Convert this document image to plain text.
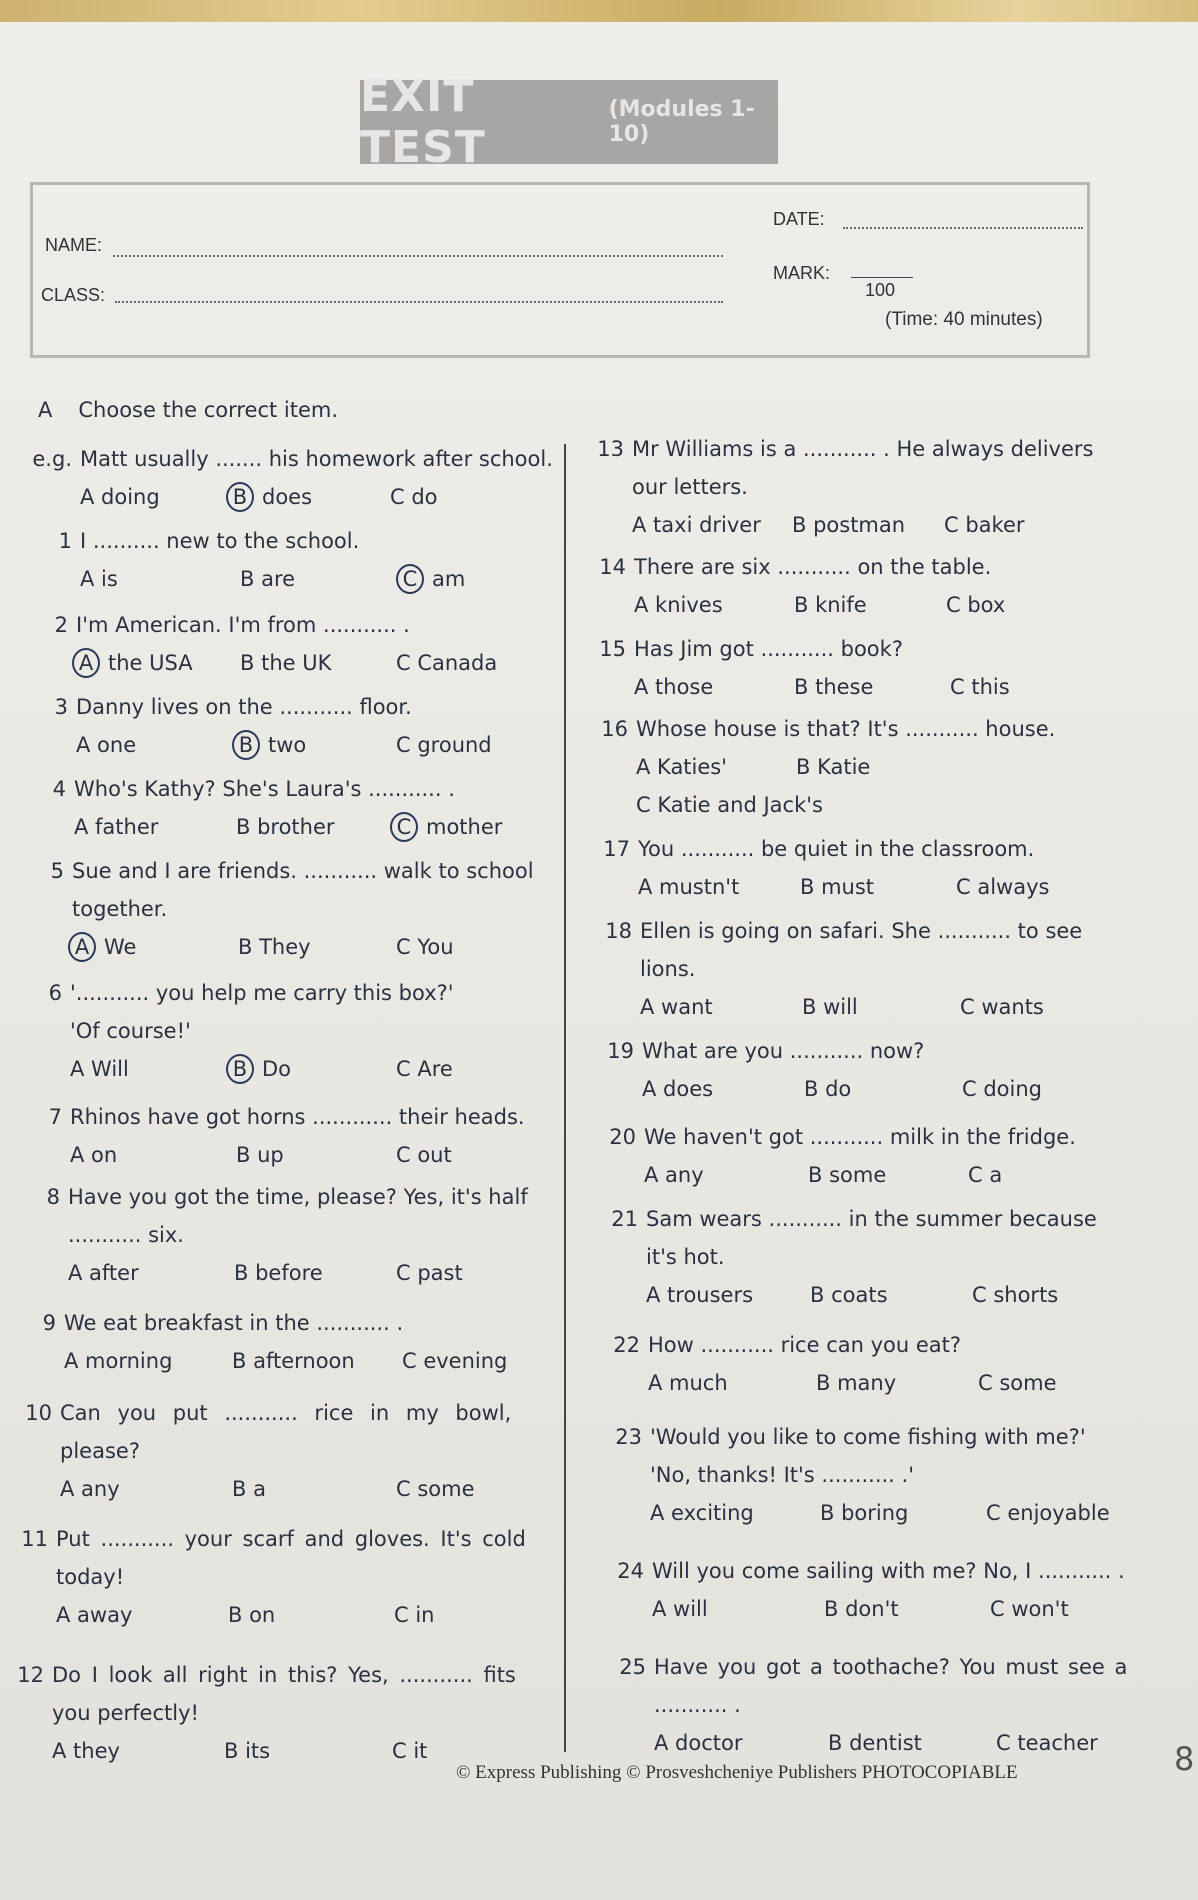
EXIT TEST
(Modules 1-10)
NAME:
DATE:
CLASS:
MARK:
100
(Time: 40 minutes)
A Choose the correct item.
e.g. Matt usually ....... his homework after school.
A doing	B does	C do
1 I .......... new to the school.
A is	B are	C am
2 I'm American. I'm from ........... .
A the USA	B the UK	C Canada
3 Danny lives on the ........... floor.
A one	B two	C ground
4 Who's Kathy? She's Laura's ........... .
A father	B brother	C mother
5 Sue and I are friends. ........... walk to school
together.
A We	B They	C You
6 '........... you help me carry this box?'
'Of course!'
A Will	B Do	C Are
7 Rhinos have got horns ............ their heads.
A on	B up	C out
8 Have you got the time, please? Yes, it's half
........... six.
A after	B before	C past
9 We eat breakfast in the ........... .
A morning	B afternoon	C evening
10 Can you put ........... rice in my bowl,
please?
A any	B a	C some
11 Put ........... your scarf and gloves. It's cold
today!
A away	B on	C in
12 Do I look all right in this? Yes, ........... fits
you perfectly!
A they	B its	C it
13 Mr Williams is a ........... . He always delivers
our letters.
A taxi driver	B postman	C baker
14 There are six ........... on the table.
A knives	B knife	C box
15 Has Jim got ........... book?
A those	B these	C this
16 Whose house is that? It's ........... house.
A Katies'	B Katie
C Katie and Jack's
17 You ........... be quiet in the classroom.
A mustn't	B must	C always
18 Ellen is going on safari. She ........... to see
lions.
A want	B will	C wants
19 What are you ........... now?
A does	B do	C doing
20 We haven't got ........... milk in the fridge.
A any	B some	C a
21 Sam wears ........... in the summer because
it's hot.
A trousers	B coats	C shorts
22 How ........... rice can you eat?
A much	B many	C some
23 'Would you like to come fishing with me?'
'No, thanks! It's ........... .'
A exciting	B boring	C enjoyable
24 Will you come sailing with me? No, I ........... .
A will	B don't	C won't
25 Have you got a toothache? You must see a
........... .
A doctor	B dentist	C teacher
© Express Publishing © Prosveshcheniye Publishers PHOTOCOPIABLE	8
